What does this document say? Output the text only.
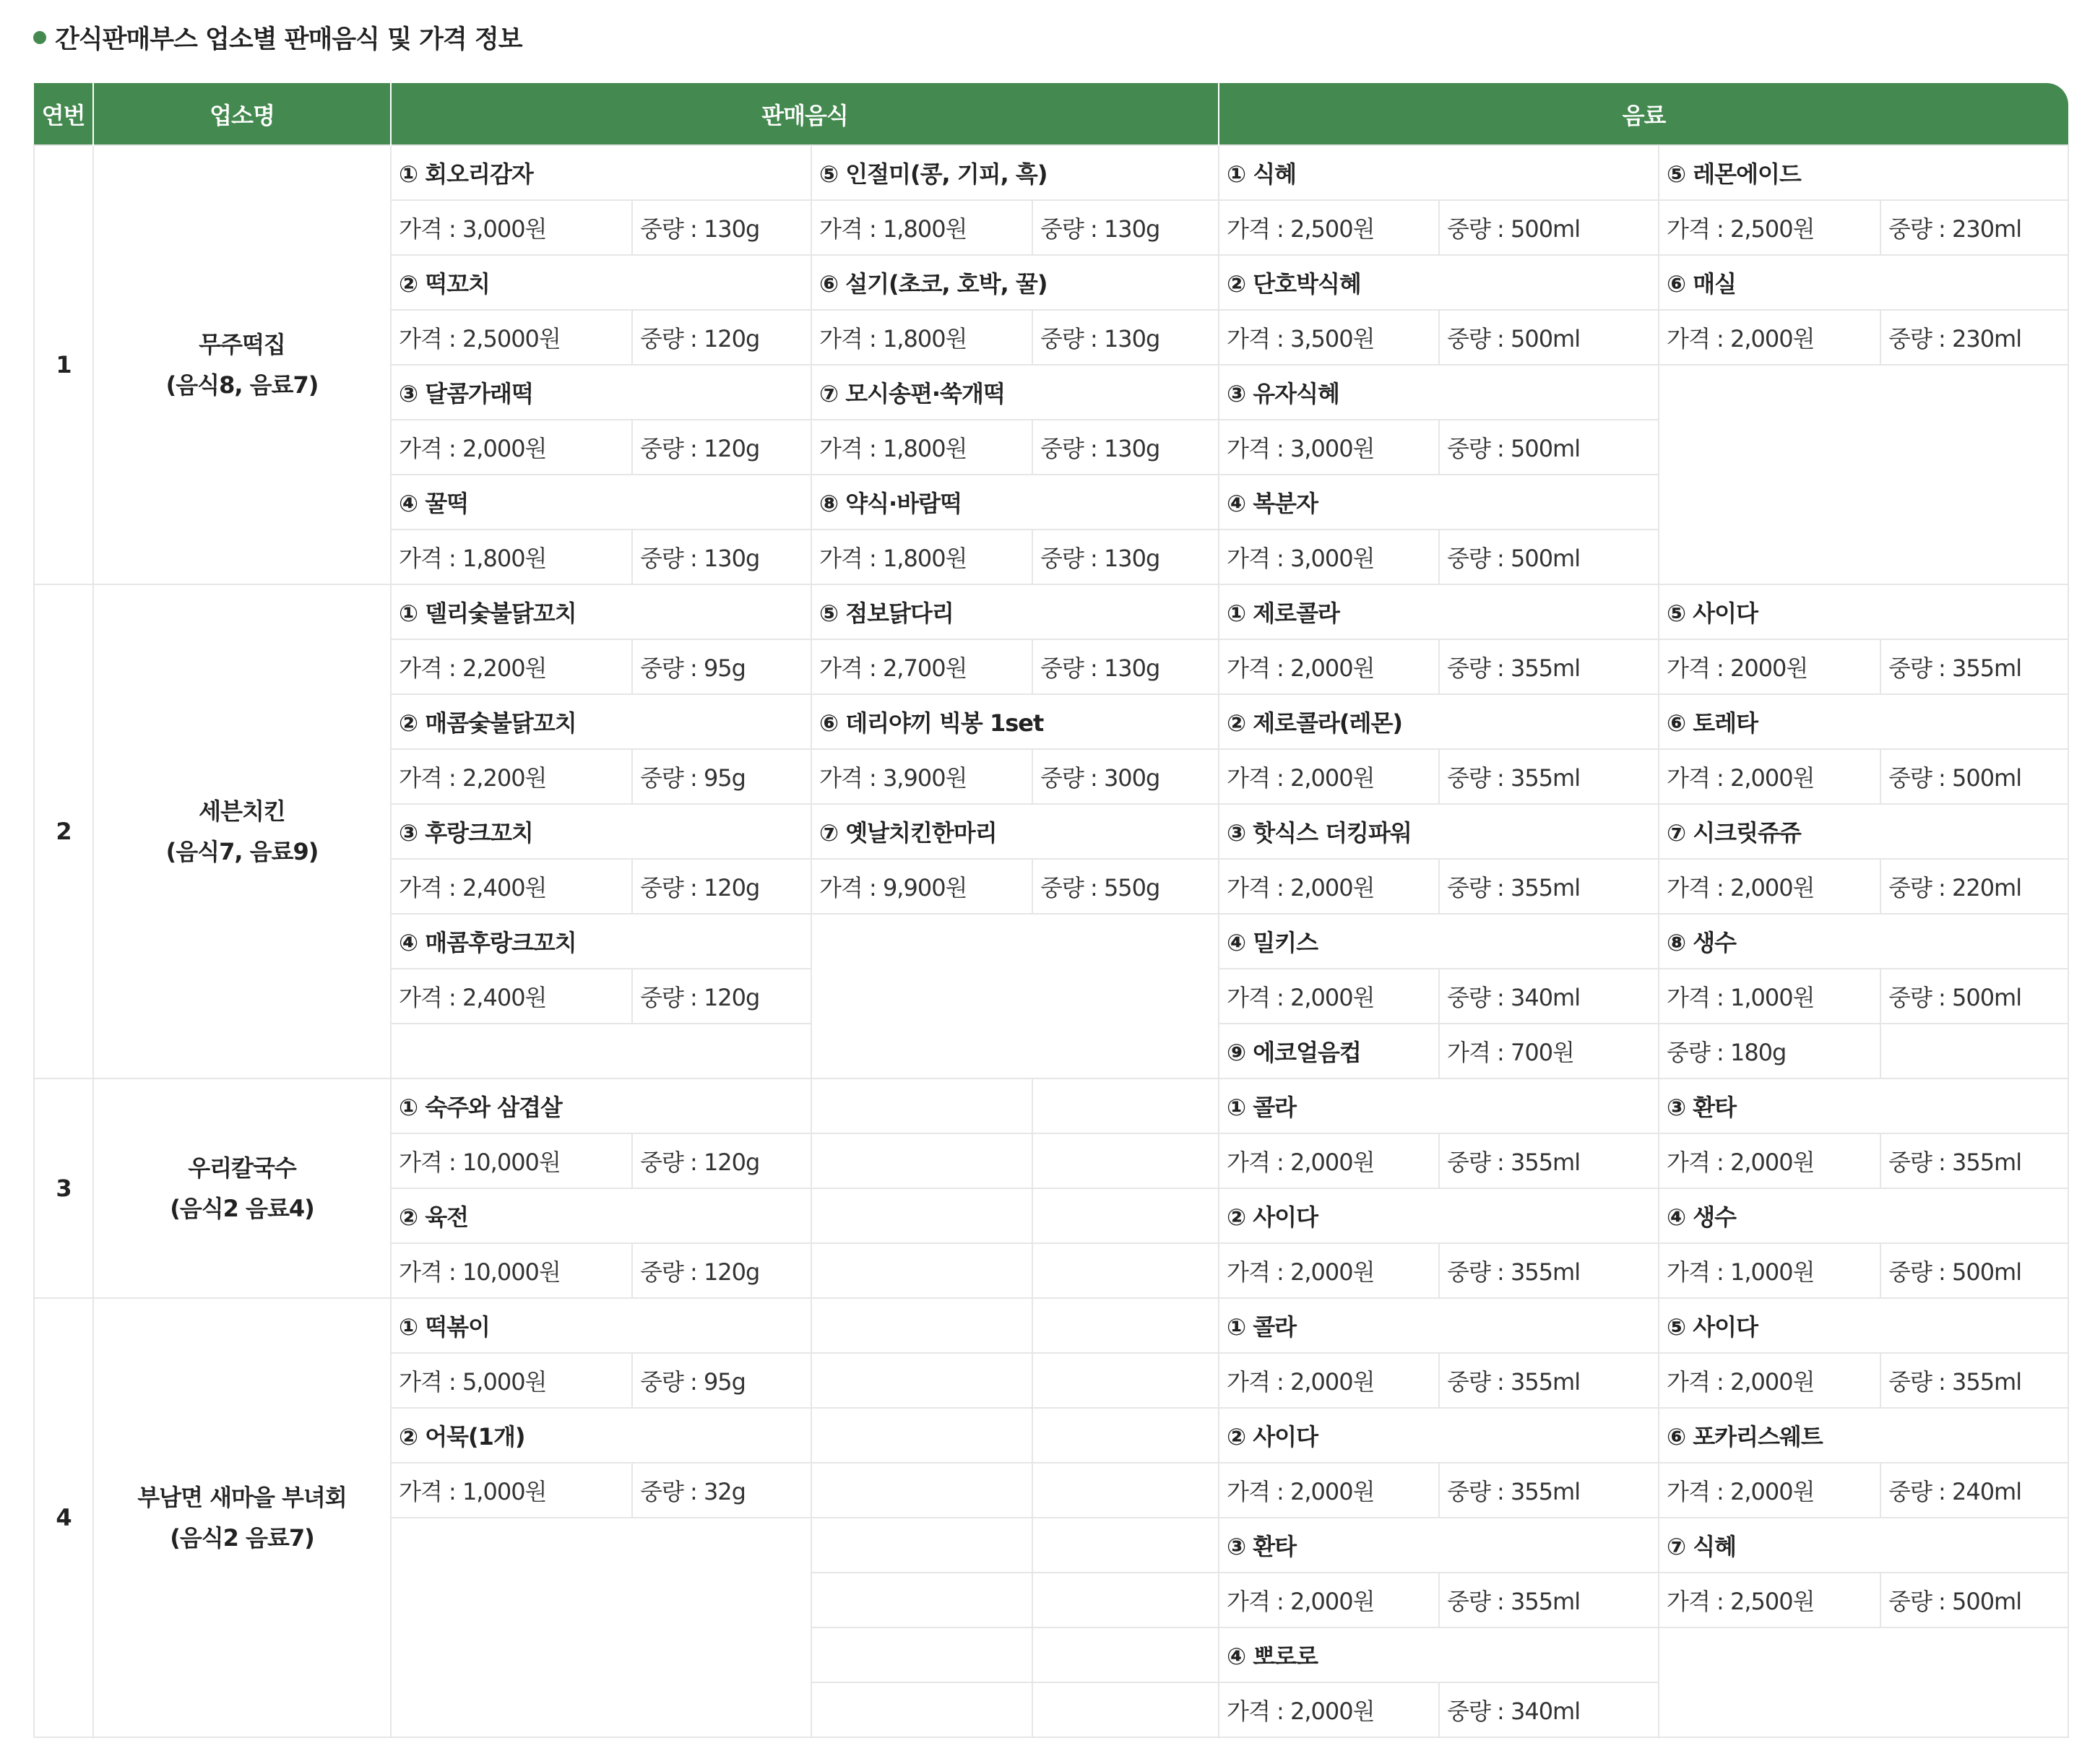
간식판매부스 업소별 판매음식 및 가격 정보
연번	업소명	판매음식				음료			
1	무주떡집
(음식8, 음료7)	① 회오리감자		⑤ 인절미(콩, 기피, 흑)		① 식혜		⑤ 레몬에이드	
		가격 : 3,000원	중량 : 130g	가격 : 1,800원	중량 : 130g	가격 : 2,500원	중량 : 500ml	가격 : 2,500원	중량 : 230ml
		② 떡꼬치		⑥ 설기(초코, 호박, 꿀)		② 단호박식혜		⑥ 매실	
		가격 : 2,5000원	중량 : 120g	가격 : 1,800원	중량 : 130g	가격 : 3,500원	중량 : 500ml	가격 : 2,000원	중량 : 230ml
		③ 달콤가래떡		⑦ 모시송편·쑥개떡		③ 유자식혜			
		가격 : 2,000원	중량 : 120g	가격 : 1,800원	중량 : 130g	가격 : 3,000원	중량 : 500ml		
		④ 꿀떡		⑧ 약식·바람떡		④ 복분자			
		가격 : 1,800원	중량 : 130g	가격 : 1,800원	중량 : 130g	가격 : 3,000원	중량 : 500ml		
2	세븐치킨
(음식7, 음료9)	① 델리숯불닭꼬치		⑤ 점보닭다리		① 제로콜라		⑤ 사이다	
		가격 : 2,200원	중량 : 95g	가격 : 2,700원	중량 : 130g	가격 : 2,000원	중량 : 355ml	가격 : 2000원	중량 : 355ml
		② 매콤숯불닭꼬치		⑥ 데리야끼 빅봉 1set		② 제로콜라(레몬)		⑥ 토레타	
		가격 : 2,200원	중량 : 95g	가격 : 3,900원	중량 : 300g	가격 : 2,000원	중량 : 355ml	가격 : 2,000원	중량 : 500ml
		③ 후랑크꼬치		⑦ 옛날치킨한마리		③ 핫식스 더킹파워		⑦ 시크릿쥬쥬	
		가격 : 2,400원	중량 : 120g	가격 : 9,900원	중량 : 550g	가격 : 2,000원	중량 : 355ml	가격 : 2,000원	중량 : 220ml
		④ 매콤후랑크꼬치				④ 밀키스		⑧ 생수	
		가격 : 2,400원	중량 : 120g			가격 : 2,000원	중량 : 340ml	가격 : 1,000원	중량 : 500ml
						⑨ 에코얼음컵	가격 : 700원	중량 : 180g	
3	우리칼국수
(음식2 음료4)	① 숙주와 삼겹살				① 콜라		③ 환타	
		가격 : 10,000원	중량 : 120g			가격 : 2,000원	중량 : 355ml	가격 : 2,000원	중량 : 355ml
		② 육전				② 사이다		④ 생수	
		가격 : 10,000원	중량 : 120g			가격 : 2,000원	중량 : 355ml	가격 : 1,000원	중량 : 500ml
4	부남면 새마을 부녀회
(음식2 음료7)	① 떡볶이				① 콜라		⑤ 사이다	
		가격 : 5,000원	중량 : 95g			가격 : 2,000원	중량 : 355ml	가격 : 2,000원	중량 : 355ml
		② 어묵(1개)				② 사이다		⑥ 포카리스웨트	
		가격 : 1,000원	중량 : 32g			가격 : 2,000원	중량 : 355ml	가격 : 2,000원	중량 : 240ml
						③ 환타		⑦ 식혜	
						가격 : 2,000원	중량 : 355ml	가격 : 2,500원	중량 : 500ml
						④ 뽀로로			
						가격 : 2,000원	중량 : 340ml		
